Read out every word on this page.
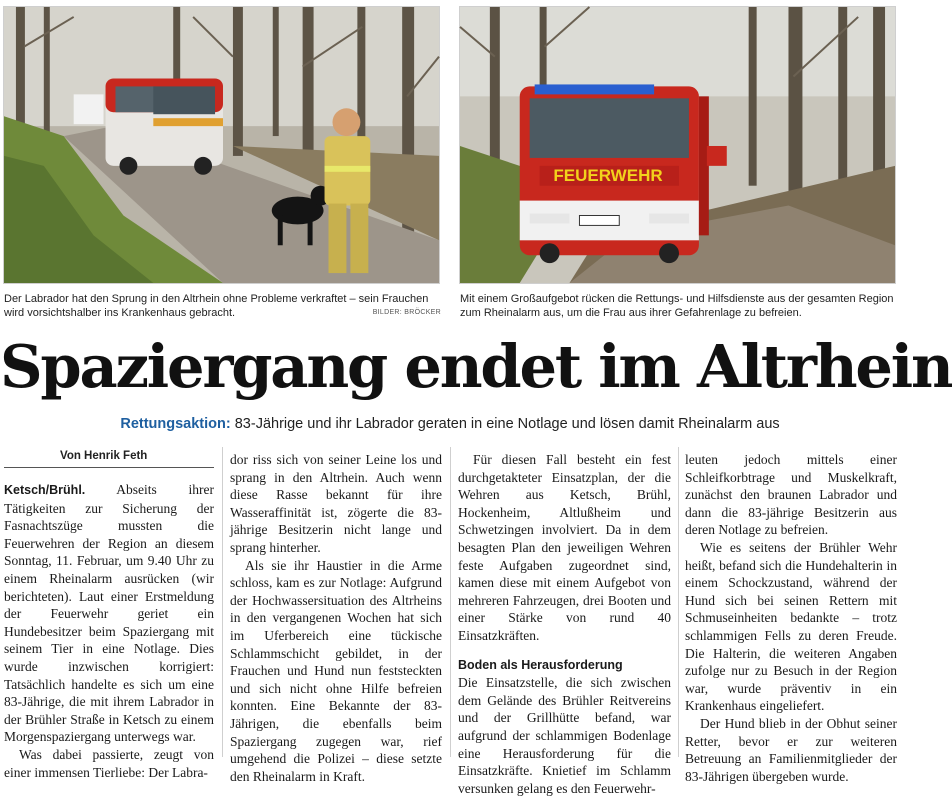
FEUERWEHR
Der Labrador hat den Sprung in den Altrhein ohne Probleme verkraftet – sein Frauchen wird vorsichtshalber ins Krankenhaus gebracht.	BILDER: BRÖCKER
Mit einem Großaufgebot rücken die Rettungs- und Hilfsdienste aus der gesamten Region zum Rheinalarm aus, um die Frau aus ihrer Gefahrenlage zu befreien.
Spaziergang endet im Altrhein
Rettungsaktion: 83-Jährige und ihr Labrador geraten in eine Notlage und lösen damit Rheinalarm aus
Von Henrik Feth

Ketsch/Brühl. Abseits ihrer Tätigkeiten zur Sicherung der Fasnachtszüge mussten die Feuerwehren der Region an diesem Sonntag, 11. Februar, um 9.40 Uhr zu einem Rheinalarm ausrücken (wir berichteten). Laut einer Erstmeldung der Feuerwehr geriet ein Hundebesitzer beim Spaziergang mit seinem Tier in eine Notlage. Dies wurde inzwischen korrigiert: Tatsächlich handelte es sich um eine 83-Jährige, die mit ihrem Labrador in der Brühler Straße in Ketsch zu einem Morgenspaziergang unterwegs war.

Was dabei passierte, zeugt von einer immensen Tierliebe: Der Labra-

dor riss sich von seiner Leine los und sprang in den Altrhein. Auch wenn diese Rasse bekannt für ihre Wasseraffinität ist, zögerte die 83-jährige Besitzerin nicht lange und sprang hinterher.

Als sie ihr Haustier in die Arme schloss, kam es zur Notlage: Aufgrund der Hochwassersituation des Altrheins in den vergangenen Wochen hat sich im Uferbereich eine tückische Schlammschicht gebildet, in der Frauchen und Hund nun feststeckten und sich nicht ohne Hilfe befreien konnten. Eine Bekannte der 83-Jährigen, die ebenfalls beim Spaziergang zugegen war, rief umgehend die Polizei – diese setzte den Rheinalarm in Kraft.

Für diesen Fall besteht ein fest durchgetakteter Einsatzplan, der die Wehren aus Ketsch, Brühl, Hockenheim, Altlußheim und Schwetzingen involviert. Da in dem besagten Plan den jeweiligen Wehren feste Aufgaben zugeordnet sind, kamen diese mit einem Aufgebot von mehreren Fahrzeugen, drei Booten und einer Stärke von rund 40 Einsatzkräften.

Boden als Herausforderung

Die Einsatzstelle, die sich zwischen dem Gelände des Brühler Reitvereins und der Grillhütte befand, war aufgrund der schlammigen Bodenlage eine Herausforderung für die Einsatzkräfte. Knietief im Schlamm versunken gelang es den Feuerwehr-

leuten jedoch mittels einer Schleifkorbtrage und Muskelkraft, zunächst den braunen Labrador und dann die 83-jährige Besitzerin aus deren Notlage zu befreien.

Wie es seitens der Brühler Wehr heißt, befand sich die Hundehalterin in einem Schockzustand, während der Hund sich bei seinen Rettern mit Schmuseinheiten bedankte – trotz schlammigen Fells zu deren Freude. Die Halterin, die weiteren Angaben zufolge nur zu Besuch in der Region war, wurde präventiv in ein Krankenhaus eingeliefert.

Der Hund blieb in der Obhut seiner Retter, bevor er zur weiteren Betreuung an Familienmitglieder der 83-Jährigen übergeben wurde.
